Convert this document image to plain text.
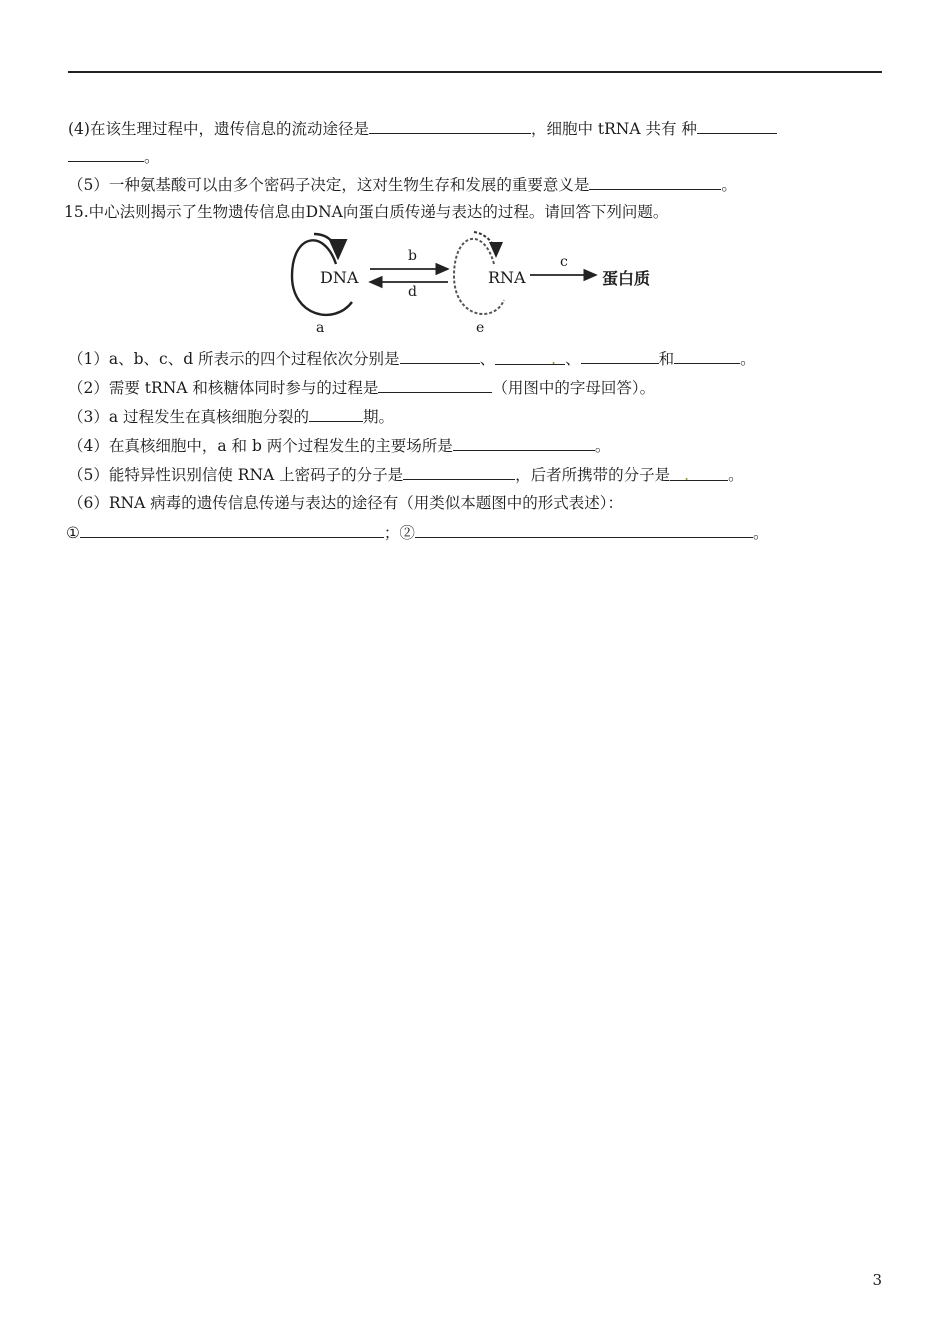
(4)在该生理过程中，遗传信息的流动途径是	，细胞中 tRNA 共有 种
。
（5）一种氨基酸可以由多个密码子决定，这对生物生存和发展的重要意义是	。
15.中心法则揭示了生物遗传信息由DNA向蛋白质传递与表达的过程。请回答下列问题。
DNA	RNA	蛋白质
a
b
d
c
e
（1）a、b、c、d 所表示的四个过程依次分别是	、	. 、	和	。
（2）需要 tRNA 和核糖体同时参与的过程是	（用图中的字母回答）。
（3）a 过程发生在真核细胞分裂的	期。
（4）在真核细胞中，a 和 b 两个过程发生的主要场所是	。
（5）能特异性识别信使 RNA 上密码子的分子是	，后者所携带的分子是 .	。
（6）RNA 病毒的遗传信息传递与表达的途径有（用类似本题图中的形式表述）：
①	；②	。
3
